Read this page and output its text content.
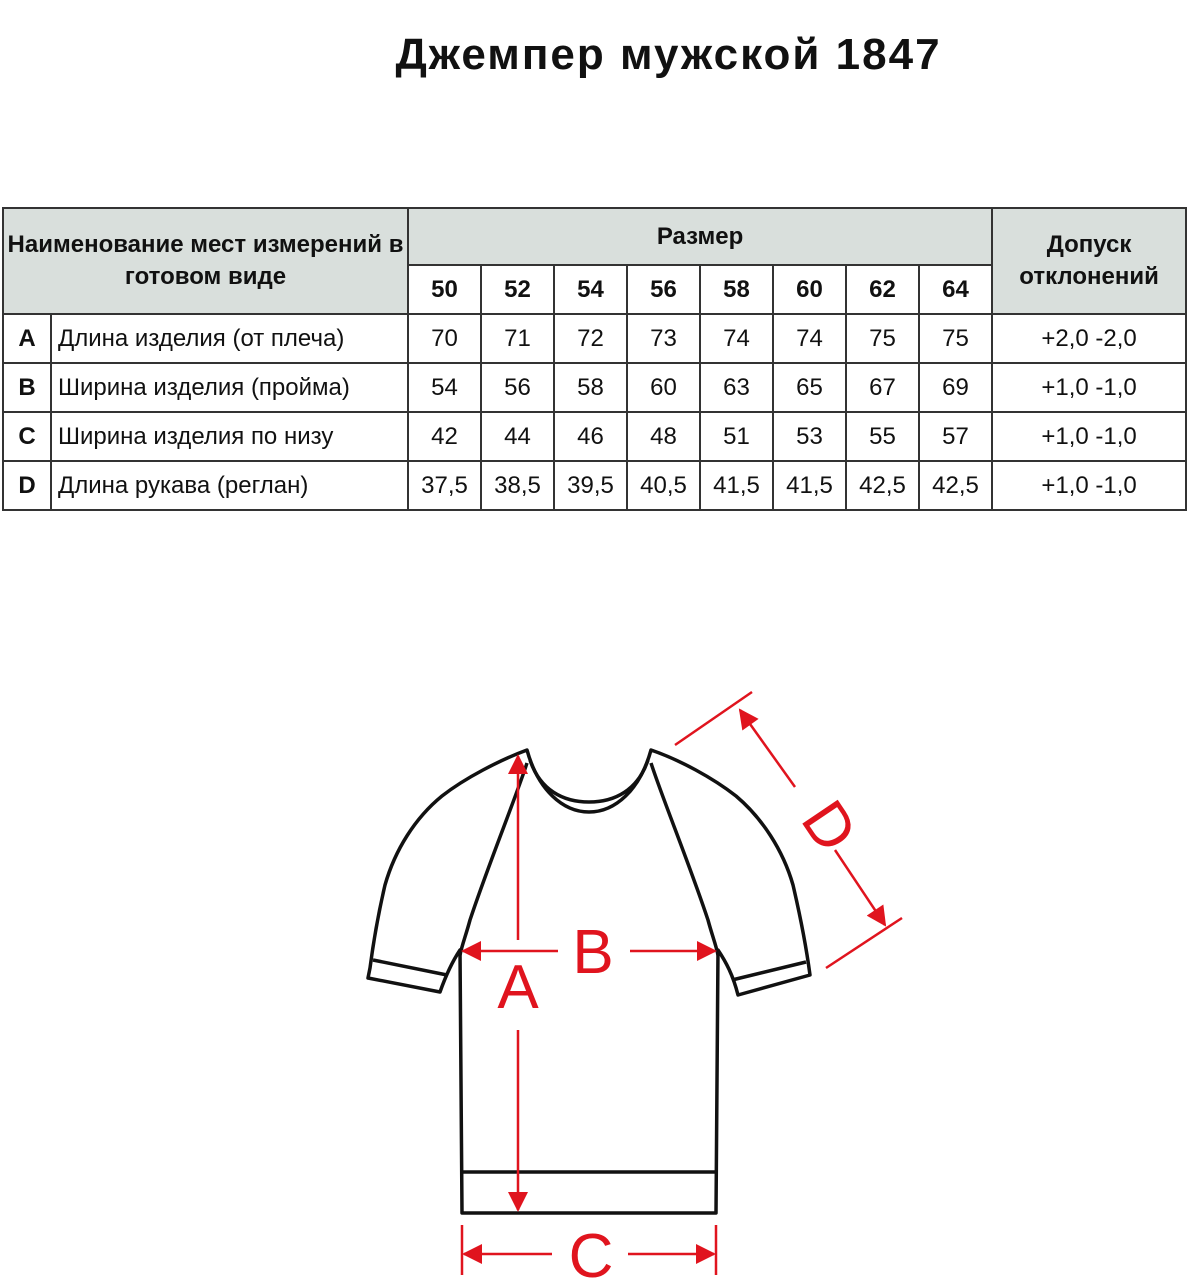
Джемпер мужской 1847
Наименование мест измерений в готовом виде		Размер								Допуск отклонений
		50	52	54	56	58	60	62	64	
A	Длина изделия (от плеча)	70	71	72	73	74	74	75	75	+2,0 -2,0
B	Ширина изделия (пройма)	54	56	58	60	63	65	67	69	+1,0 -1,0
C	Ширина изделия по низу	42	44	46	48	51	53	55	57	+1,0 -1,0
D	Длина рукава (реглан)	37,5	38,5	39,5	40,5	41,5	41,5	42,5	42,5	+1,0 -1,0
A
B
C
D
